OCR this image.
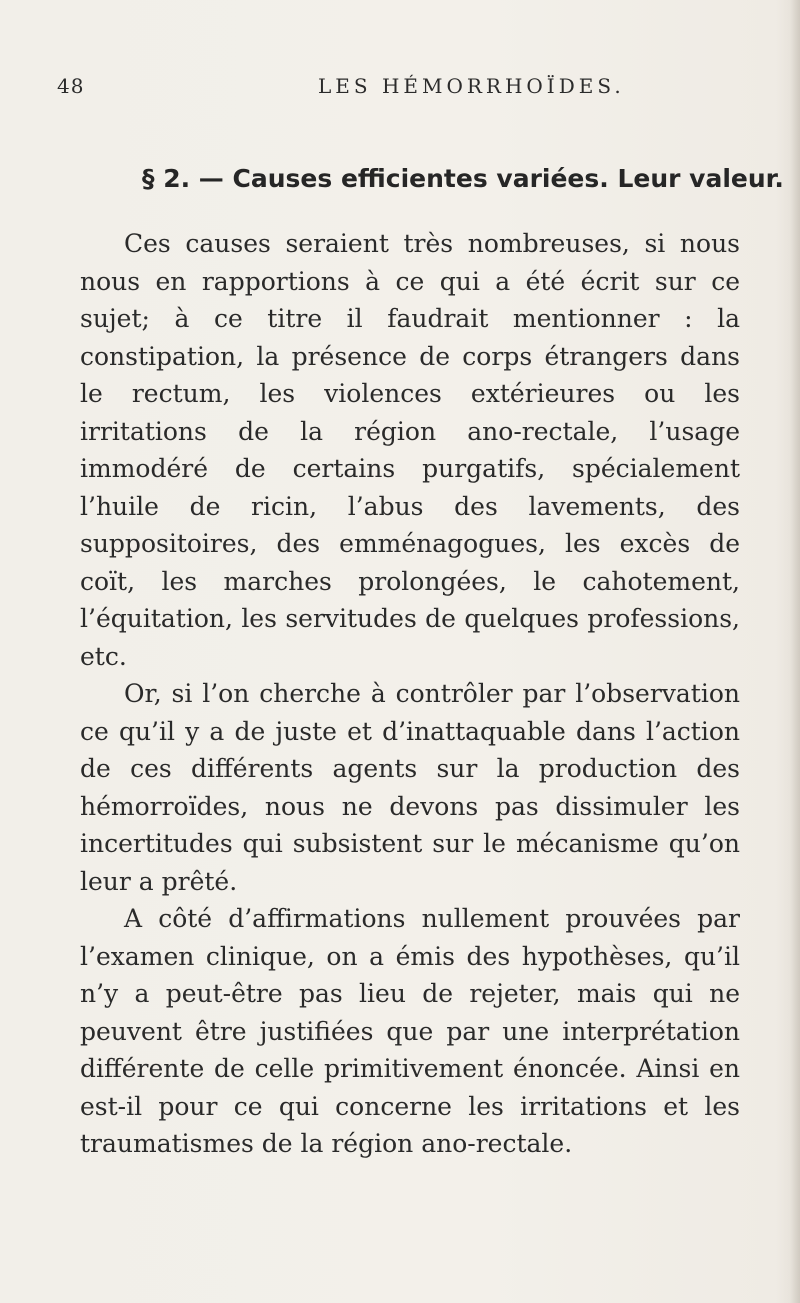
48	LES HÉMORRHOÏDES.
§ 2. — Causes efficientes variées. Leur valeur.

Ces causes seraient très nombreuses, si nous nous en rapportions à ce qui a été écrit sur ce sujet; à ce titre il faudrait mentionner : la constipation, la présence de corps étrangers dans le rectum, les violences extérieures ou les irritations de la région ano-rectale, l’usage immodéré de certains purgatifs, spécialement l’huile de ricin, l’abus des lavements, des suppositoires, des emménagogues, les excès de coït, les marches prolongées, le cahotement, l’équitation, les servitudes de quelques professions, etc.

Or, si l’on cherche à contrôler par l’observation ce qu’il y a de juste et d’inattaquable dans l’action de ces différents agents sur la production des hémorroïdes, nous ne devons pas dissimuler les incertitudes qui subsistent sur le mécanisme qu’on leur a prêté.

A côté d’affirmations nullement prouvées par l’examen clinique, on a émis des hypothèses, qu’il n’y a peut-être pas lieu de rejeter, mais qui ne peuvent être justifiées que par une interprétation différente de celle primitivement énoncée. Ainsi en est-il pour ce qui concerne les irritations et les traumatismes de la région ano-rectale.
